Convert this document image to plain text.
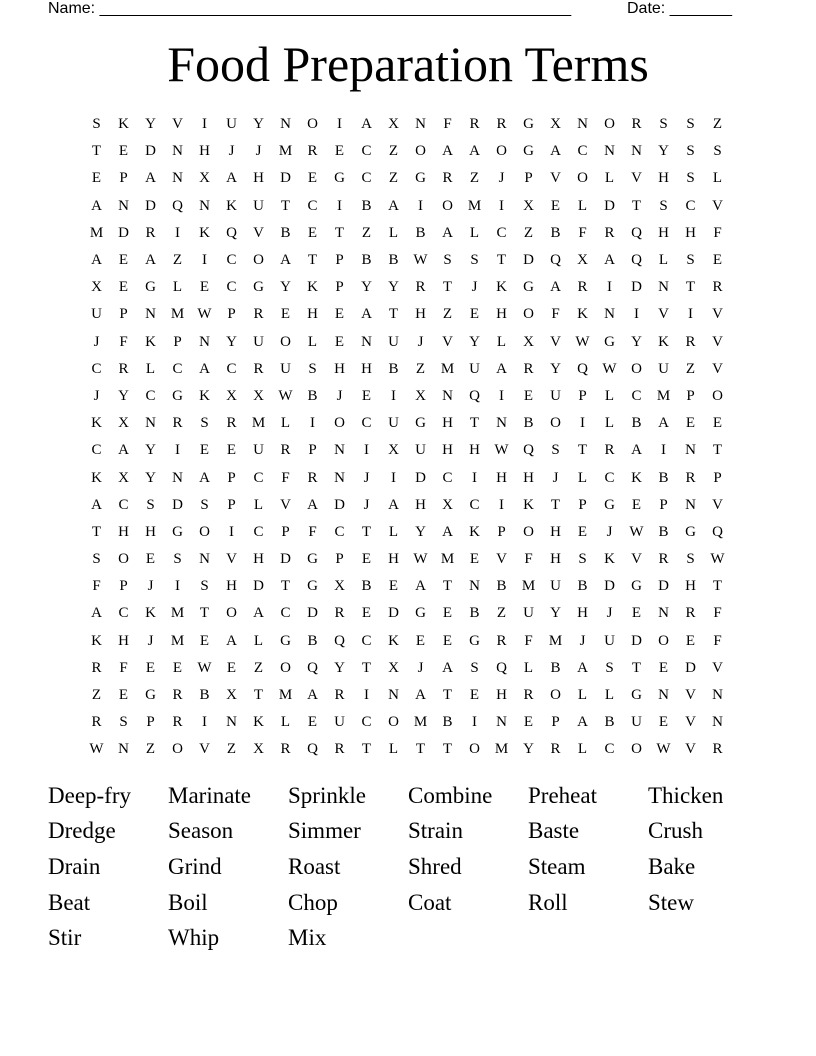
Name: _____________________________________________________	Date: _______
Food Preparation Terms
S	K	Y	V	I	U	Y	N	O	I	A	X	N	F	R	R	G	X	N	O	R	S	S	Z
T	E	D	N	H	J	J	M	R	E	C	Z	O	A	A	O	G	A	C	N	N	Y	S	S
E	P	A	N	X	A	H	D	E	G	C	Z	G	R	Z	J	P	V	O	L	V	H	S	L
A	N	D	Q	N	K	U	T	C	I	B	A	I	O M	I	X	E	L	D	T	S	C	V
M D	R	I	K	Q	V	B	E	T	Z	L	B	A	L	C	Z	B	F	R	Q	H	H	F
A	E	A	Z	I	C	O	A	T	P	B	B W	S	S	T	D	Q	X	A	Q	L	S	E
X	E	G	L	E	C	G	Y	K	P	Y	Y	R	T	J	K	G	A	R	I	D	N	T	R
U	P	N M W	P	R	E	H	E	A	T	H	Z	E	H	O	F	K	N	I	V	I	V
J	F	K	P	N	Y	U	O	L	E	N	U	J	V	Y	L	X	V W G	Y	K	R	V
C	R	L	C	A	C	R	U	S	H	H	B	Z	M U	A	R	Y	Q W O	U	Z	V
J	Y	C	G	K	X	X W B	J	E	I	X	N	Q	I	E	U	P	L	C	M	P	O
K	X	N	R	S	R	M	L	I	O	C	U	G	H	T	N	B	O	I	L	B	A	E	E
C	A	Y	I	E	E	U	R	P	N	I	X	U	H	H W Q	S	T	R	A	I	N	T
K	X	Y	N	A	P	C	F	R	N	J	I	D	C	I	H	H	J	L	C	K	B	R	P
A	C	S	D	S	P	L	V	A	D	J	A	H	X	C	I	K	T	P	G	E	P	N	V
T	H	H	G	O	I	C	P	F	C	T	L	Y	A	K	P	O	H	E	J	W B	G	Q
S	O	E	S	N	V	H	D	G	P	E	H W M	E	V	F	H	S	K	V	R	S	W
F	P	J	I	S	H	D	T	G	X	B	E	A	T	N	B	M U	B	D	G	D	H	T
A	C	K M	T	O	A	C	D	R	E	D	G	E	B	Z	U	Y	H	J	E	N	R	F
K	H	J	M	E	A	L	G	B	Q	C	K	E	E	G	R	F	M	J	U	D	O	E	F
R	F	E	E	W	E	Z	O	Q	Y	T	X	J	A	S	Q	L	B	A	S	T	E	D	V
Z	E	G	R	B	X	T	M A	R	I	N	A	T	E	H	R	O	L	L	G	N	V	N
R	S	P	R	I	N	K	L	E	U	C	O M	B	I	N	E	P	A	B	U	E	V	N
W N	Z	O	V	Z	X	R	Q	R	T	L	T	T	O M Y	R	L	C	O W V	R
Deep-fry	Marinate	Sprinkle	Combine	Preheat	Thicken
Dredge	Season	Simmer	Strain	Baste	Crush
Drain	Grind	Roast	Shred	Steam	Bake
Beat	Boil	Chop	Coat	Roll	Stew
Stir	Whip	Mix
